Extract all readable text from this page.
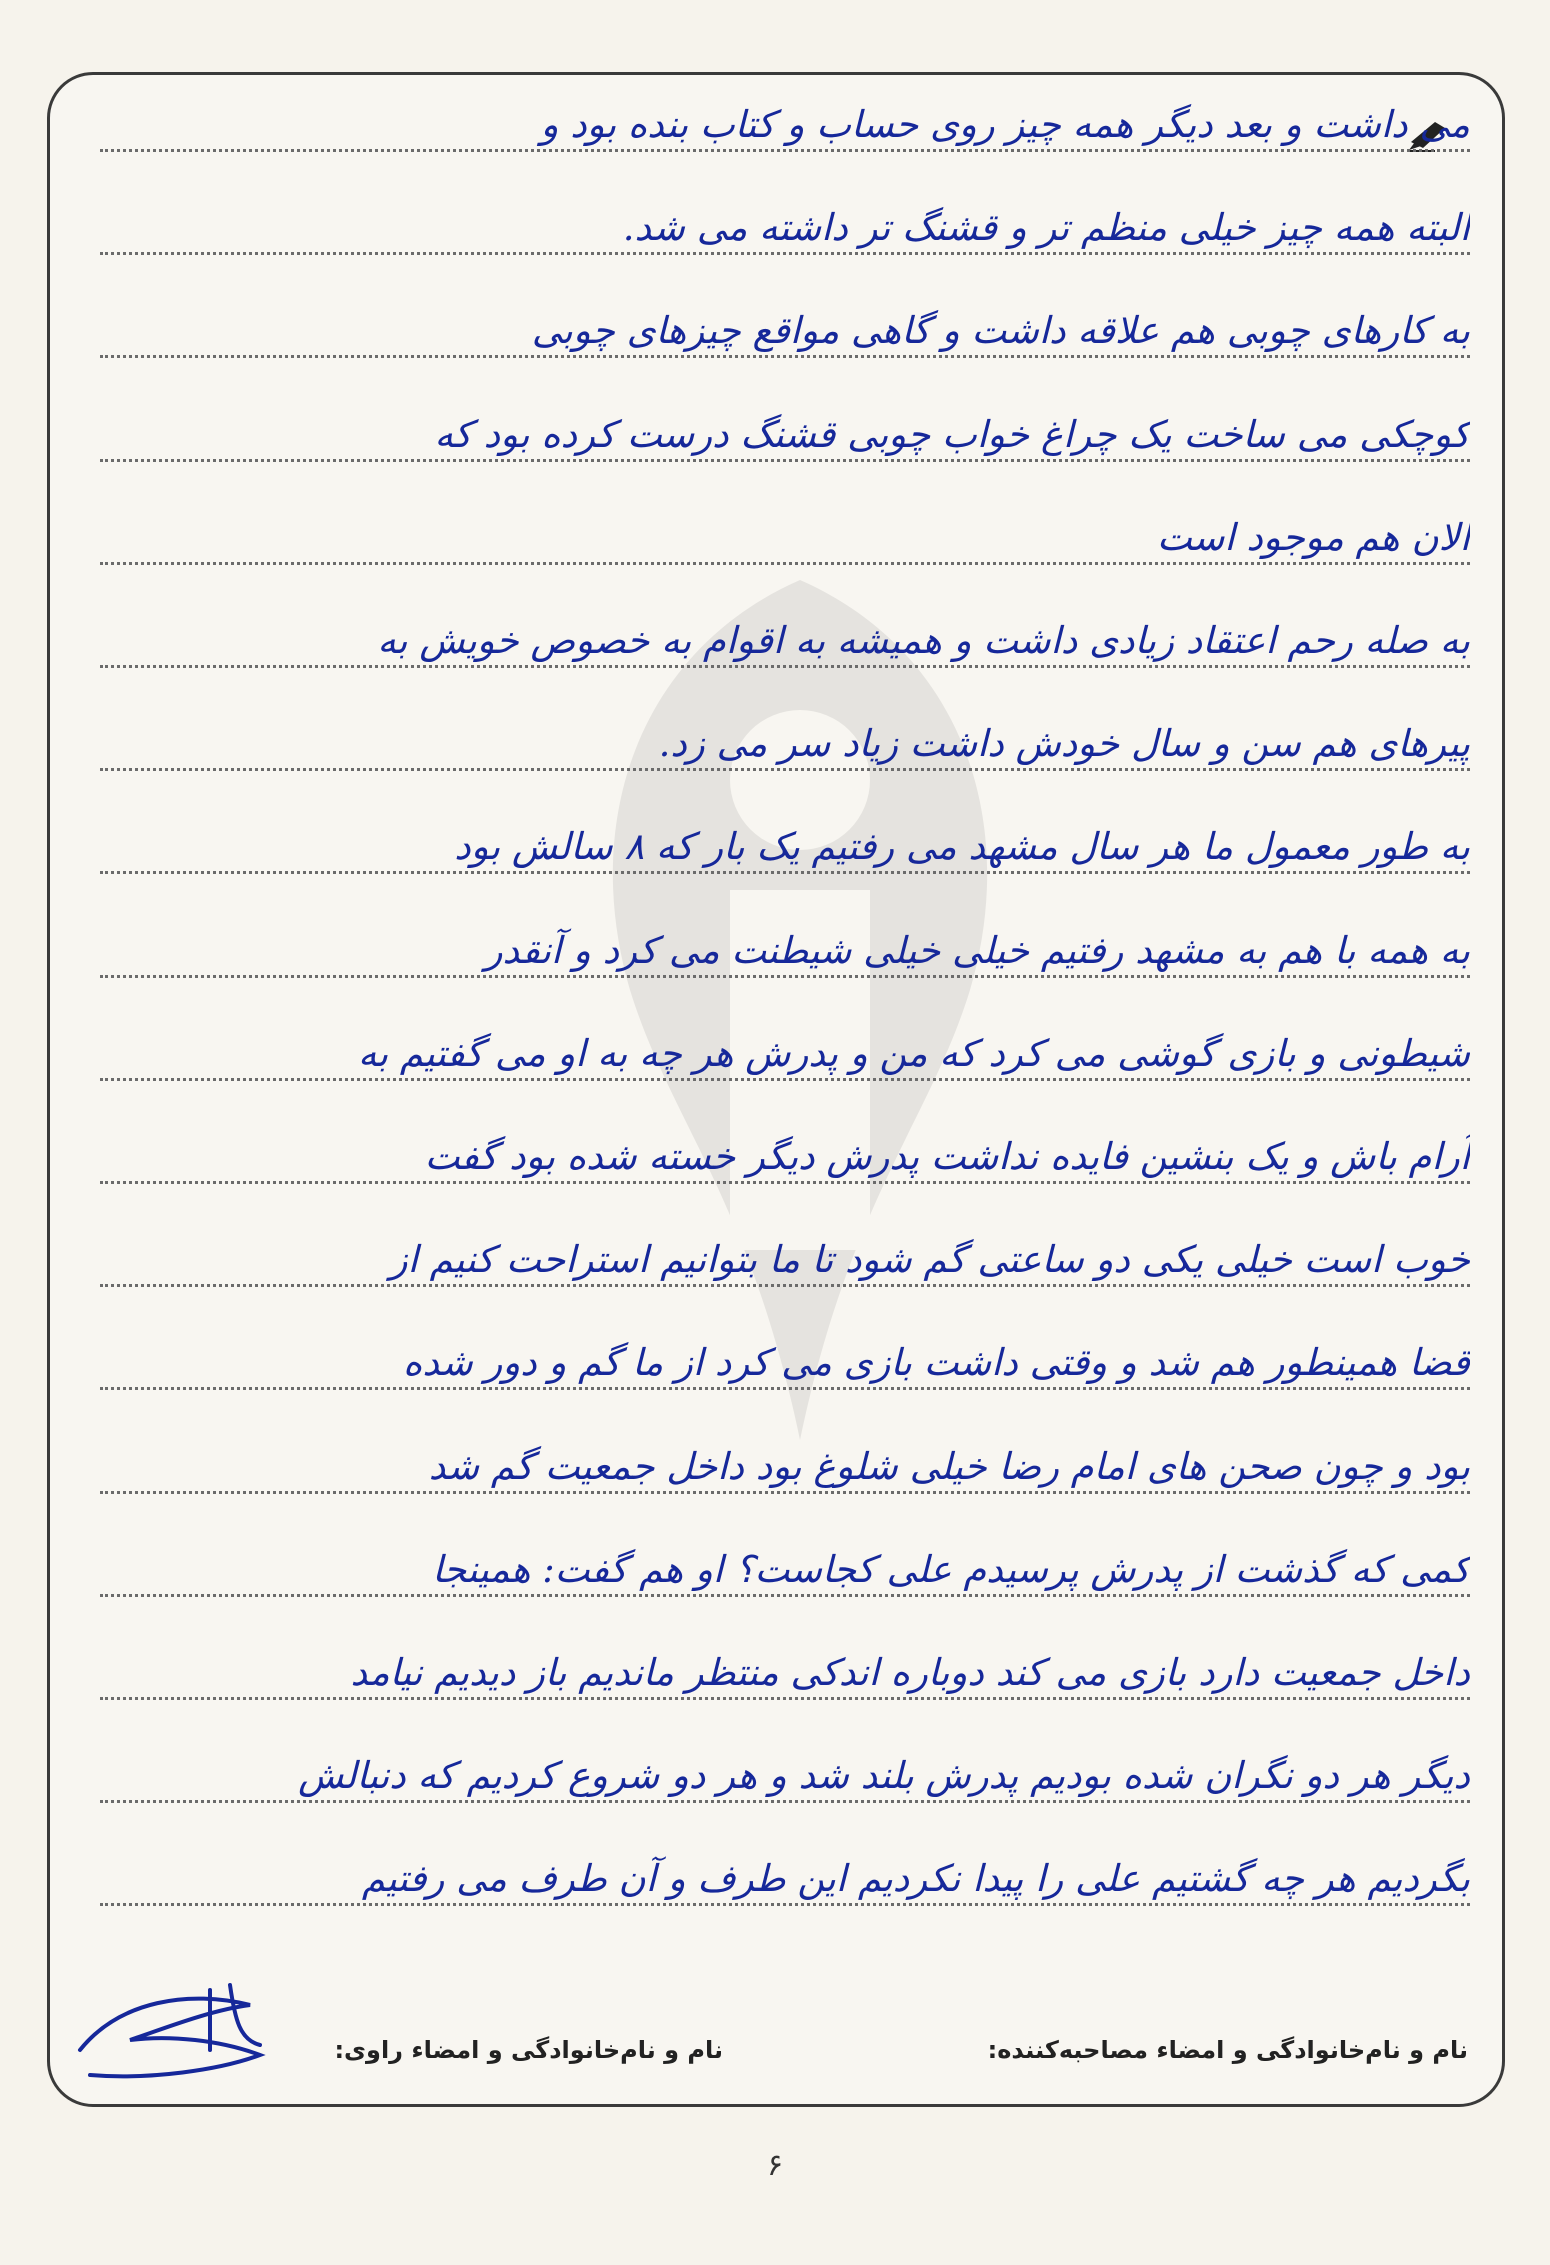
می داشت و بعد دیگر همه چیز روی حساب و کتاب بنده بود و
البته همه چیز خیلی منظم تر و قشنگ تر داشته می شد.
به کارهای چوبی هم علاقه داشت و گاهی مواقع چیزهای چوبی
کوچکی می ساخت یک چراغ خواب چوبی قشنگ درست کرده بود که
الان هم موجود است
به صله رحم اعتقاد زیادی داشت و همیشه به اقوام به خصوص خویش به
پیرهای هم سن و سال خودش داشت زیاد سر می زد.
به طور معمول ما هر سال مشهد می رفتیم یک بار که ۸ سالش بود
به همه با هم به مشهد رفتیم خیلی خیلی شیطنت می کرد و آنقدر
شیطونی و بازی گوشی می کرد که من و پدرش هر چه به او می گفتیم به
آرام باش و یک بنشین فایده نداشت پدرش دیگر خسته شده بود گفت
خوب است خیلی یکی دو ساعتی گم شود تا ما بتوانیم استراحت کنیم از
قضا همینطور هم شد و وقتی داشت بازی می کرد از ما گم و دور شده
بود و چون صحن های امام رضا خیلی شلوغ بود داخل جمعیت گم شد
کمی که گذشت از پدرش پرسیدم علی کجاست؟ او هم گفت: همینجا
داخل جمعیت دارد بازی می کند دوباره اندکی منتظر ماندیم باز دیدیم نیامد
دیگر هر دو نگران شده بودیم پدرش بلند شد و هر دو شروع کردیم که دنبالش
بگردیم هر چه گشتیم علی را پیدا نکردیم این طرف و آن طرف می رفتیم
نام و نام‌خانوادگی و امضاء مصاحبه‌کننده:
نام و نام‌خانوادگی و امضاء راوی:
۶
